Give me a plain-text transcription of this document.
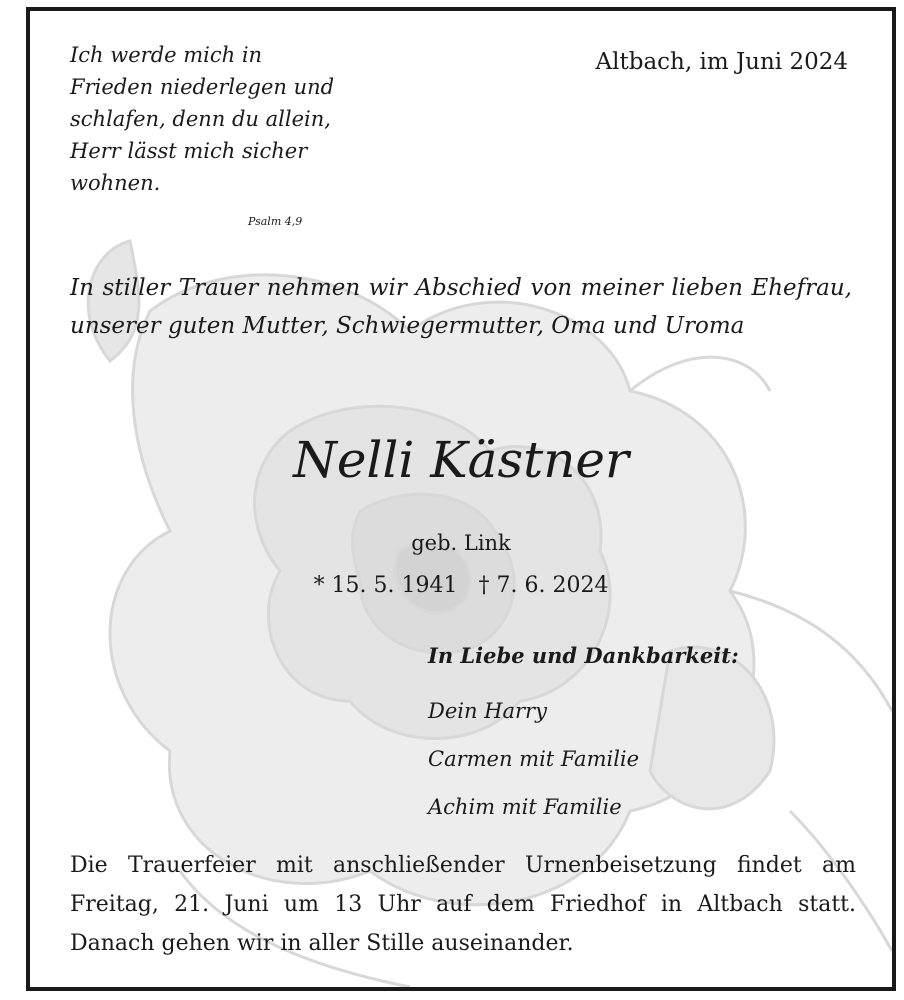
Ich werde mich in Frieden niederlegen und schlafen, denn du allein, Herr lässt mich sicher wohnen.

Psalm 4,9
Altbach, im Juni 2024

In stiller Trauer nehmen wir Abschied von meiner lieben Ehefrau, unserer guten Mutter, Schwiegermutter, Oma und Uroma

Nelli Kästner
geb. Link
* 15. 5. 1941   † 7. 6. 2024
In Liebe und Dankbarkeit:
Dein Harry
Carmen mit Familie
Achim mit Familie

Die Trauerfeier mit anschließender Urnenbeisetzung findet am Freitag, 21. Juni um 13 Uhr auf dem Friedhof in Altbach statt. Danach gehen wir in aller Stille auseinander.
